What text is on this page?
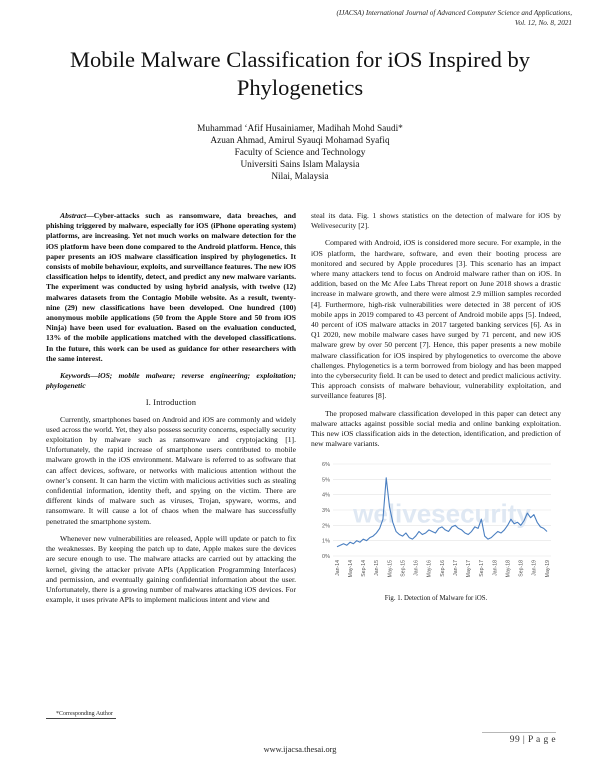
(IJACSA) International Journal of Advanced Computer Science and Applications,
Vol. 12, No. 8, 2021
Mobile Malware Classification for iOS Inspired by Phylogenetics
Muhammad ‘Afif Husainiamer, Madihah Mohd Saudi*
Azuan Ahmad, Amirul Syauqi Mohamad Syafiq
Faculty of Science and Technology
Universiti Sains Islam Malaysia
Nilai, Malaysia

Abstract—Cyber-attacks such as ransomware, data breaches, and phishing triggered by malware, especially for iOS (iPhone operating system) platforms, are increasing. Yet not much works on malware detection for the iOS platform have been done compared to the Android platform. Hence, this paper presents an iOS malware classification inspired by phylogenetics. It consists of mobile behaviour, exploits, and surveillance features. The new iOS classification helps to identify, detect, and predict any new malware variants. The experiment was conducted by using hybrid analysis, with twelve (12) malwares datasets from the Contagio Mobile website. As a result, twenty-nine (29) new classifications have been developed. One hundred (100) anonymous mobile applications (50 from the Apple Store and 50 from iOS Ninja) have been used for evaluation. Based on the evaluation conducted, 13% of the mobile applications matched with the developed classifications. In the future, this work can be used as guidance for other researchers with the same interest.

Keywords—iOS; mobile malware; reverse engineering; exploitation; phylogenetic

I. Introduction

Currently, smartphones based on Android and iOS are commonly and widely used across the world. Yet, they also possess security concerns, especially security exploitation by malware such as ransomware and cryptojacking [1]. Unfortunately, the rapid increase of smartphone users contributed to mobile malware growth in the iOS environment. Malware is referred to as software that can affect devices, software, or networks with malicious attention without the owner’s consent. It can harm the victim with malicious activities such as stealing confidential information, identity theft, and spying on the victim. There are different kinds of malware such as viruses, Trojan, spyware, worms, and ransomware. It will cause a lot of chaos when the malware has successfully penetrated the smartphone system.

Whenever new vulnerabilities are released, Apple will update or patch to fix the weaknesses. By keeping the patch up to date, Apple makes sure the devices are secure enough to use. The malware attacks are carried out by attacking the kernel, giving the attacker private APIs (Application Programming Interfaces) and permission, and eventually gaining confidential information about the user. Unfortunately, there is a growing number of malwares attacking iOS devices. For example, it uses private APIs to implement malicious intent and view and

steal its data. Fig. 1 shows statistics on the detection of malware for iOS by Welivesecurity [2].

Compared with Android, iOS is considered more secure. For example, in the iOS platform, the hardware, software, and even their booting process are monitored and secured by Apple procedures [3]. This scenario has an impact where many attackers tend to focus on Android malware rather than on iOS. In addition, based on the Mc Afee Labs Threat report on June 2018 shows a drastic increase in malware growth, and there were almost 2.9 million samples recorded [4]. Furthermore, high-risk vulnerabilities were detected in 38 percent of iOS mobile apps in 2019 compared to 43 percent of Android mobile apps [5]. Indeed, 40 percent of iOS malware attacks in 2017 targeted banking services [6]. As in Q1 2020, new mobile malware cases have surged by 71 percent, and new iOS malware grew by over 50 percent [7]. Hence, this paper presents a new mobile malware classification for iOS inspired by phylogenetics to overcome the above challenges. Phylogenetics is a term borrowed from biology and has been mapped into the cybersecurity field. It can be used to detect and predict malicious activity. This approach consists of malware behaviour, vulnerability exploitation, and surveillance features [8].

The proposed malware classification developed in this paper can detect any malware attacks against possible social media and online banking exploitation. This new iOS classification aids in the detection, identification, and prediction of new malware variants.

0%
1%
2%
3%
4%
5%
6%
welivesecurity
Jan-14 May-14 Sep-14 Jan-15 May-15 Sep-15 Jan-16 May-16 Sep-16 Jan-17 May-17 Sep-17 Jan-18 May-18 Sep-18 Jan-19 May-19
Fig. 1. Detection of Malware for iOS.
*Corresponding Author
99 | P a g e
www.ijacsa.thesai.org
